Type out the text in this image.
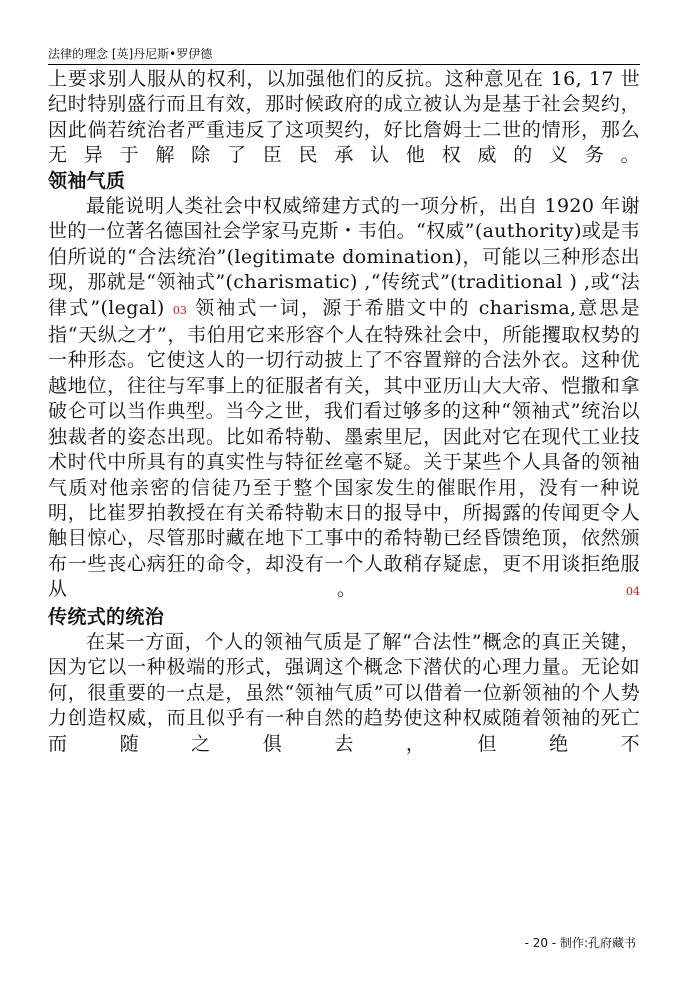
法律的理念 [英]丹尼斯•罗伊德

上要求别人服从的权利，以加强他们的反抗。这种意见在 16, 17 世纪时特别盛行而且有效，那时候政府的成立被认为是基于社会契约，因此倘若统治者严重违反了这项契约，好比詹姆士二世的情形，那么无异于解除了臣民承认他权威的义务。

领袖气质

最能说明人类社会中权威缔建方式的一项分析，出自 1920 年谢世的一位著名德国社会学家马克斯・韦伯。“权威”(authority)或是韦伯所说的“合法统治”(legitimate domination)，可能以三种形态出现，那就是“领袖式”(charismatic) ,“传统式”(traditional ) ,或“法律式”(legal) 03 领袖式一词，源于希腊文中的 charisma,意思是指“天纵之才”，韦伯用它来形容个人在特殊社会中，所能攫取权势的一种形态。它使这人的一切行动披上了不容置辩的合法外衣。这种优越地位，往往与军事上的征服者有关，其中亚历山大大帝、恺撒和拿破仑可以当作典型。当今之世，我们看过够多的这种“领袖式”统治以独裁者的姿态出现。比如希特勒、墨索里尼，因此对它在现代工业技术时代中所具有的真实性与特征丝毫不疑。关于某些个人具备的领袖气质对他亲密的信徒乃至于整个国家发生的催眠作用，没有一种说明，比崔罗拍教授在有关希特勒末日的报导中，所揭露的传闻更令人触目惊心，尽管那时藏在地下工事中的希特勒已经昏馈绝顶，依然颁布一些丧心病狂的命令，却没有一个人敢稍存疑虑，更不用谈拒绝服从。04

传统式的统治

在某一方面，个人的领袖气质是了解“合法性”概念的真正关键，因为它以一种极端的形式，强调这个概念下潜伏的心理力量。无论如何，很重要的一点是，虽然“领袖气质”可以借着一位新领袖的个人势力创造权威，而且似乎有一种自然的趋势使这种权威随着领袖的死亡而随之俱去，但绝不

- 20 - 制作:孔府藏书
